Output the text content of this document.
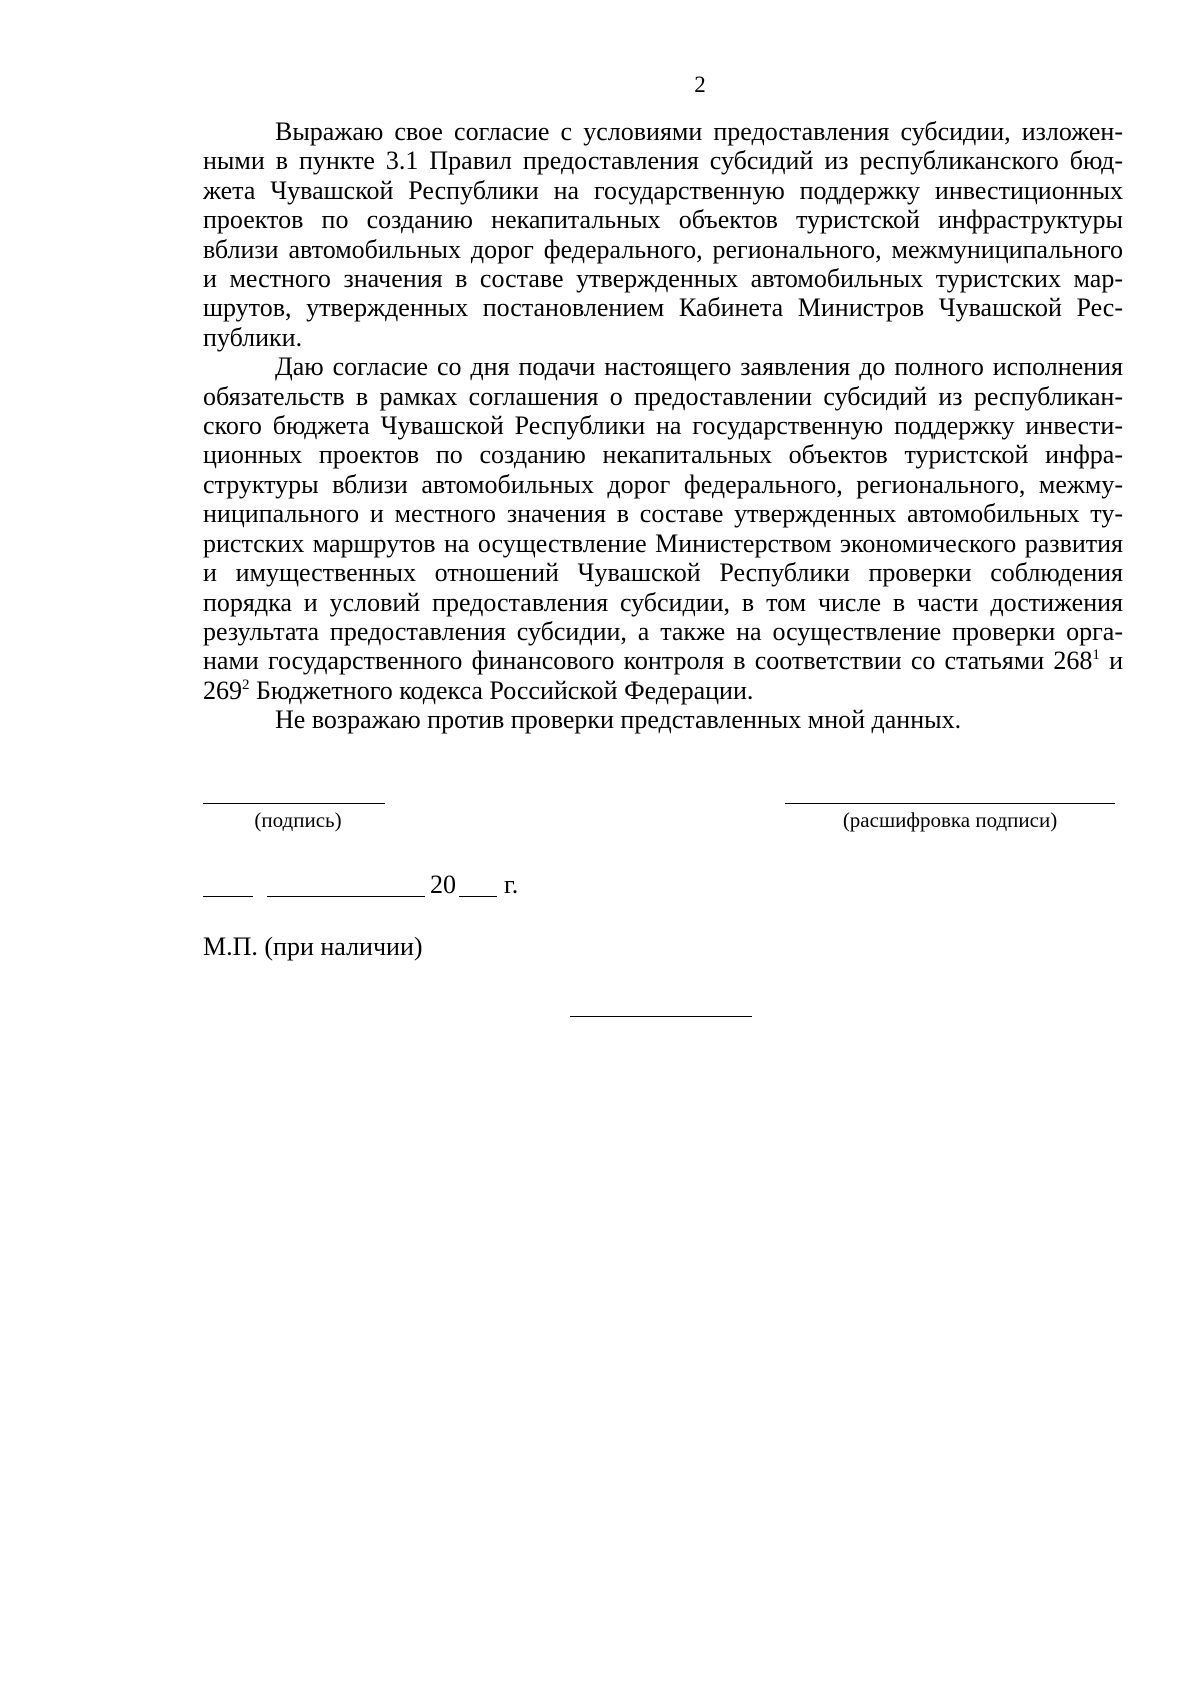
2

Выражаю свое согласие с условиями предоставления субсидии, изложенными в пункте 3.1 Правил предоставления субсидий из республиканского бюджета Чувашской Республики на государственную поддержку инвестиционных проектов по созданию некапитальных объектов туристской инфраструктуры вблизи автомобильных дорог федерального, регионального, межмуниципального и местного значения в составе утвержденных автомобильных туристских маршрутов, утвержденных постановлением Кабинета Министров Чувашской Республики.

Даю согласие со дня подачи настоящего заявления до полного исполнения обязательств в рамках соглашения о предоставлении субсидий из республиканского бюджета Чувашской Республики на государственную поддержку инвестиционных проектов по созданию некапитальных объектов туристской инфраструктуры вблизи автомобильных дорог федерального, регионального, межмуниципального и местного значения в составе утвержденных автомобильных туристских маршрутов на осуществление Министерством экономического развития и имущественных отношений Чувашской Республики проверки соблюдения порядка и условий предоставления субсидии, в том числе в части достижения результата предоставления субсидии, а также на осуществление проверки органами государственного финансового контроля в соответствии со статьями $268^1$ и $269^2$ Бюджетного кодекса Российской Федерации.

Не возражаю против проверки представленных мной данных.

(подпись)	(расшифровка подписи)
20 г.
М.П. (при наличии)
